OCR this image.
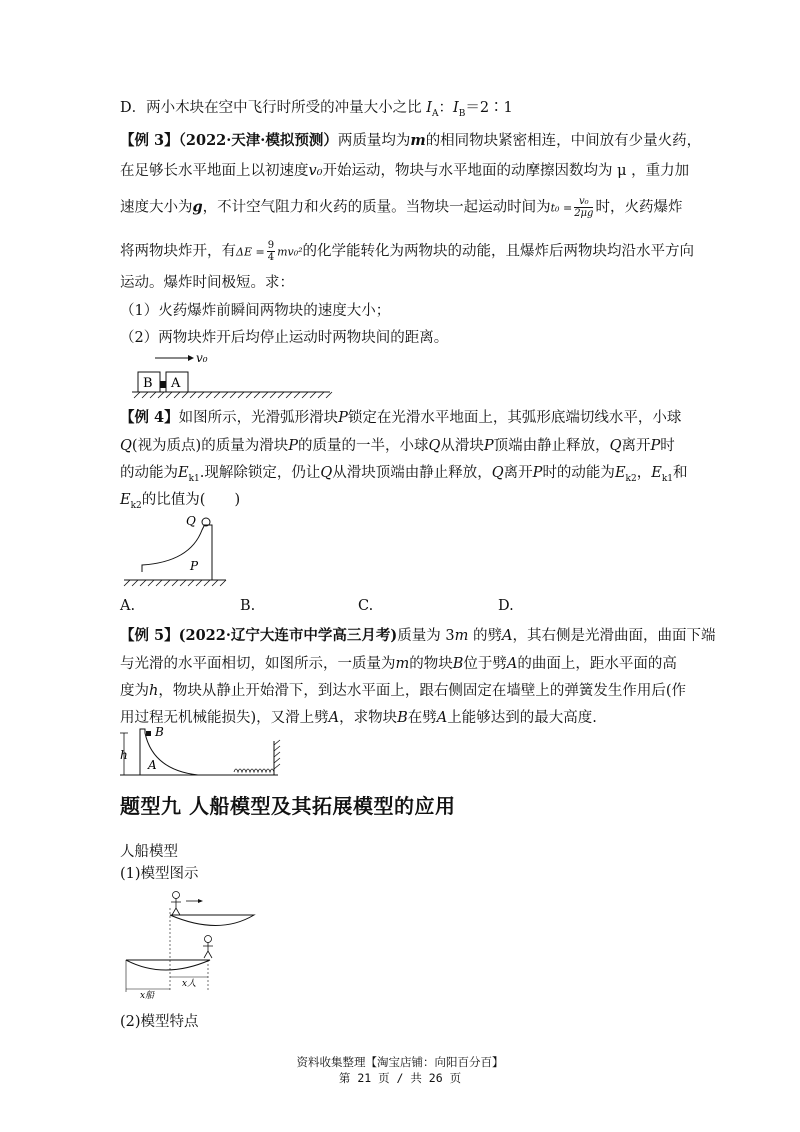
D．两小木块在空中飞行时所受的冲量大小之比 $I_A$：$I_B=2∶1$
【例 3】（2022·天津·模拟预测）两质量均为m的相同物块紧密相连，中间放有少量火药，
在足够长水平地面上以初速度v₀开始运动，物块与水平地面的动摩擦因数均为 μ ，重力加
速度大小为g，不计空气阻力和火药的质量。当物块一起运动时间为$t_0 = \frac{\text{v₀}}{2\mu g}$ 时，火药爆炸
将两物块炸开，有$\Delta E = \frac{9}{4} mv_0^2$的化学能转化为两物块的动能，且爆炸后两物块均沿水平方向
运动。爆炸时间极短。求：
（1）火药爆炸前瞬间两物块的速度大小；
（2）两物块炸开后均停止运动时两物块间的距离。
v₀
B A
【例 4】如图所示，光滑弧形滑块P锁定在光滑水平地面上，其弧形底端切线水平，小球
Q(视为质点)的质量为滑块P的质量的一半，小球Q从滑块P顶端由静止释放，Q离开P时
的动能为$E_{k1}$.现解除锁定，仍让Q从滑块顶端由静止释放，Q离开P时的动能为$E_{k2}$，$E_{k1}$和
$E_{k2}$的比值为(　　)
Q
P
A.	B.	C.	D.
【例 5】(2022·辽宁大连市中学高三月考)质量为 3m 的劈A，其右侧是光滑曲面，曲面下端
与光滑的水平面相切，如图所示，一质量为m的物块B位于劈A的曲面上，距水平面的高
度为h，物块从静止开始滑下，到达水平面上，跟右侧固定在墙壁上的弹簧发生作用后(作
用过程无机械能损失)，又滑上劈A，求物块B在劈A上能够达到的最大高度.
h
B
A
题型九 人船模型及其拓展模型的应用
人船模型
(1)模型图示
x船
x人
(2)模型特点
资料收集整理【淘宝店铺：向阳百分百】
第 21 页 / 共 26 页
